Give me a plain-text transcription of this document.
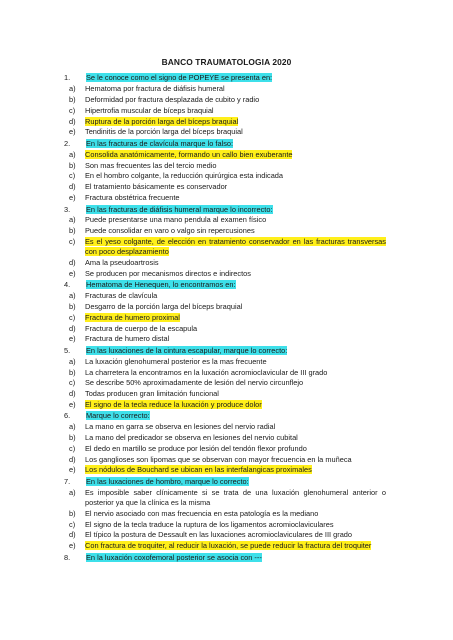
BANCO TRAUMATOLOGIA 2020
1.	Se le conoce como el signo de POPEYE se presenta en:
a)	Hematoma por fractura de diáfisis humeral
b)	Deformidad por fractura desplazada de cubito y radio
c)	Hipertrofia muscular de bíceps braquial
d)	Ruptura de la porción larga del bíceps braquial
e)	Tendinitis de la porción larga del bíceps braquial
2.	En las fracturas de clavícula marque lo falso:
a)	Consolida anatómicamente, formando un callo bien exuberante
b)	Son mas frecuentes las del tercio medio
c)	En el hombro colgante, la reducción quirúrgica esta indicada
d)	El tratamiento básicamente es conservador
e)	Fractura obstétrica frecuente
3.	En las fracturas de diáfisis humeral marque lo incorrecto:
a)	Puede presentarse una mano pendula al examen físico
b)	Puede consolidar en varo o valgo sin repercusiones
c)	Es el yeso colgante, de elección en tratamiento conservador en las fracturas transversas con poco desplazamiento
d)	Ama la pseudoartrosis
e)	Se producen por mecanismos directos e indirectos
4.	Hematoma de Henequen, lo encontramos en:
a)	Fracturas de clavícula
b)	Desgarro de la porción larga del bíceps braquial
c)	Fractura de humero proximal
d)	Fractura de cuerpo de la escapula
e)	Fractura de humero distal
5.	En las luxaciones de la cintura escapular, marque lo correcto:
a)	La luxación glenohumeral posterior es la mas frecuente
b)	La charretera la encontramos en la luxación acromioclavicular de III grado
c)	Se describe 50% aproximadamente de lesión del nervio circunflejo
d)	Todas producen gran limitación funcional
e)	El signo de la tecla reduce la luxación y produce dolor
6.	Marque lo correcto:
a)	La mano en garra se observa en lesiones del nervio radial
b)	La mano del predicador se observa en lesiones del nervio cubital
c)	El dedo en martillo se produce por lesión del tendón flexor profundo
d)	Los ganglioses son lipomas que se observan con mayor frecuencia en la muñeca
e)	Los nódulos de Bouchard se ubican en las interfalangicas proximales
7.	En las luxaciones de hombro, marque lo correcto:
a)	Es imposible saber clínicamente si se trata de una luxación glenohumeral anterior o posterior ya que la clínica es la misma
b)	El nervio asociado con mas frecuencia en esta patología es la mediano
c)	El signo de la tecla traduce la ruptura de los ligamentos acromioclaviculares
d)	El típico la postura de Dessault en las luxaciones acromioclaviculares de III grado
e)	Con fractura de troquiter, al reducir la luxación, se puede reducir la fractura del troquiter
8.	En la luxación coxofemoral posterior se asocia con ---
